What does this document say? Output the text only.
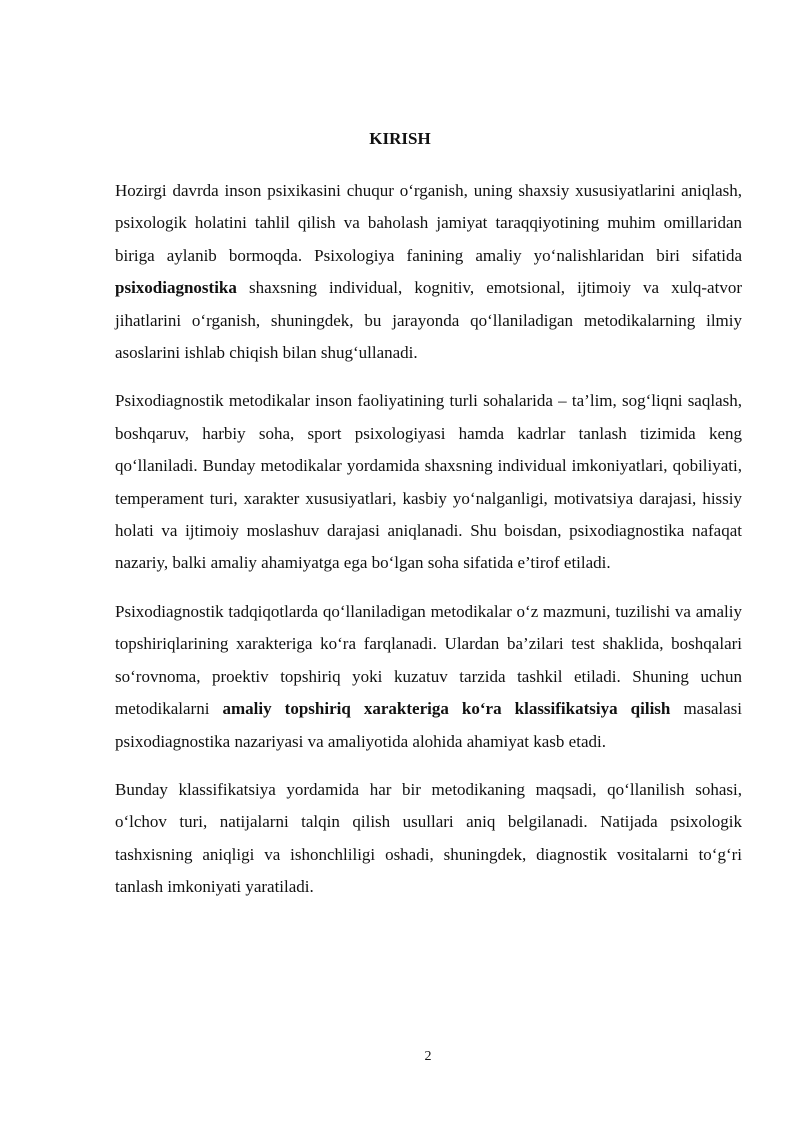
KIRISH

Hozirgi davrda inson psixikasini chuqur o‘rganish, uning shaxsiy xususiyatlarini aniqlash, psixologik holatini tahlil qilish va baholash jamiyat taraqqiyotining muhim omillaridan biriga aylanib bormoqda. Psixologiya fanining amaliy yo‘nalishlaridan biri sifatida psixodiagnostika shaxsning individual, kognitiv, emotsional, ijtimoiy va xulq-atvor jihatlarini o‘rganish, shuningdek, bu jarayonda qo‘llaniladigan metodikalarning ilmiy asoslarini ishlab chiqish bilan shug‘ullanadi.

Psixodiagnostik metodikalar inson faoliyatining turli sohalarida – ta’lim, sog‘liqni saqlash, boshqaruv, harbiy soha, sport psixologiyasi hamda kadrlar tanlash tizimida keng qo‘llaniladi. Bunday metodikalar yordamida shaxsning individual imkoniyatlari, qobiliyati, temperament turi, xarakter xususiyatlari, kasbiy yo‘nalganligi, motivatsiya darajasi, hissiy holati va ijtimoiy moslashuv darajasi aniqlanadi. Shu boisdan, psixodiagnostika nafaqat nazariy, balki amaliy ahamiyatga ega bo‘lgan soha sifatida e’tirof etiladi.

Psixodiagnostik tadqiqotlarda qo‘llaniladigan metodikalar o‘z mazmuni, tuzilishi va amaliy topshiriqlarining xarakteriga ko‘ra farqlanadi. Ulardan ba’zilari test shaklida, boshqalari so‘rovnoma, proektiv topshiriq yoki kuzatuv tarzida tashkil etiladi. Shuning uchun metodikalarni amaliy topshiriq xarakteriga ko‘ra klassifikatsiya qilish masalasi psixodiagnostika nazariyasi va amaliyotida alohida ahamiyat kasb etadi.

Bunday klassifikatsiya yordamida har bir metodikaning maqsadi, qo‘llanilish sohasi, o‘lchov turi, natijalarni talqin qilish usullari aniq belgilanadi. Natijada psixologik tashxisning aniqligi va ishonchliligi oshadi, shuningdek, diagnostik vositalarni to‘g‘ri tanlash imkoniyati yaratiladi.

2
